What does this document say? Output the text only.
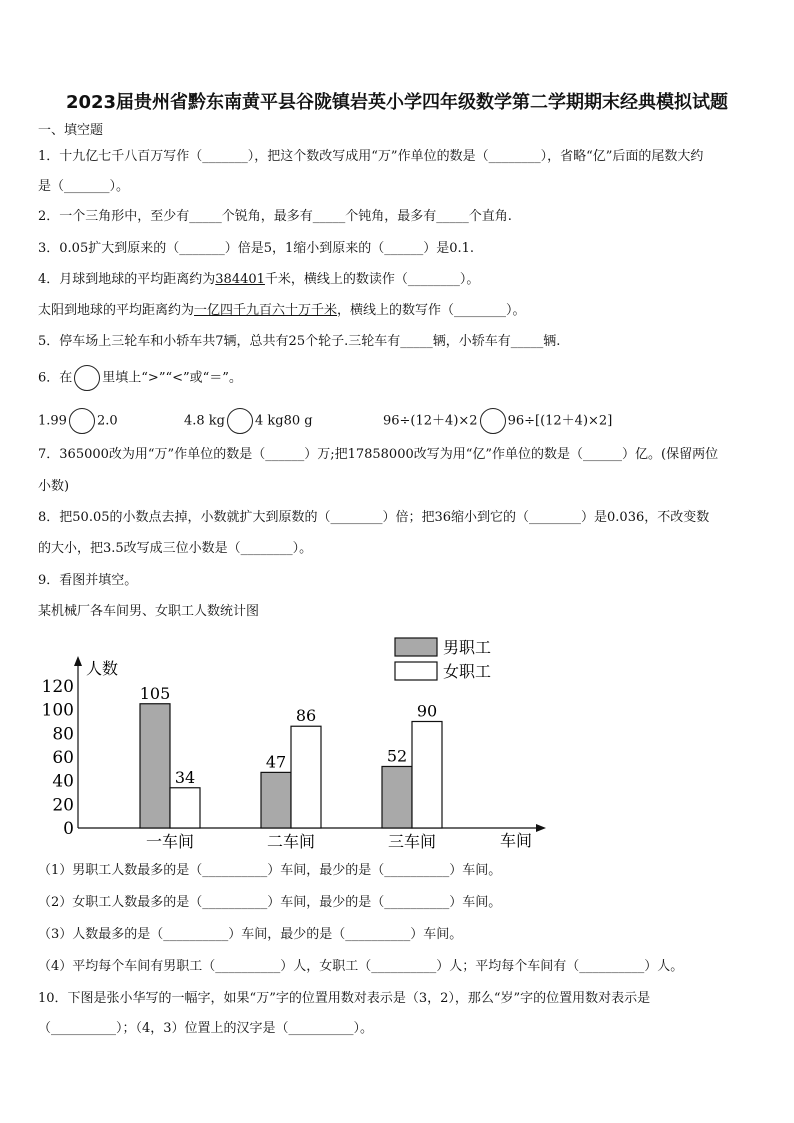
2023届贵州省黔东南黄平县谷陇镇岩英小学四年级数学第二学期期末经典模拟试题
一、填空题
1．十九亿七千八百万写作（_______），把这个数改写成用“万”作单位的数是（________），省略“亿”后面的尾数大约
是（_______）。
2．一个三角形中，至少有_____个锐角，最多有_____个钝角，最多有_____个直角.
3．0.05扩大到原来的（_______）倍是5，1缩小到原来的（______）是0.1.
4．月球到地球的平均距离约为384401千米，横线上的数读作（________）。
太阳到地球的平均距离约为一亿四千九百六十万千米，横线上的数写作（________）。
5．停车场上三轮车和小轿车共7辆，总共有25个轮子.三轮车有_____辆，小轿车有_____辆.
6．在 里填上“>”“<”或“＝”。
1.99 2.0	4.8 kg 4 kg80 g	96÷(12＋4)×2 96÷[(12＋4)×2]
7．365000改为用“万”作单位的数是（______）万;把17858000改写为用“亿”作单位的数是（______）亿。(保留两位
小数)
8．把50.05的小数点去掉，小数就扩大到原数的（________）倍；把36缩小到它的（________）是0.036，不改变数
的大小，把3.5改写成三位小数是（________）。
9．看图并填空。
某机械厂各车间男、女职工人数统计图
人数
车间
0
20
40
60
80
100
120	105
34
一车间
47
86
二车间
52
90
三车间
男职工
女职工
（1）男职工人数最多的是（__________）车间，最少的是（__________）车间。
（2）女职工人数最多的是（__________）车间，最少的是（__________）车间。
（3）人数最多的是（__________）车间，最少的是（__________）车间。
（4）平均每个车间有男职工（__________）人，女职工（__________）人；平均每个车间有（__________）人。
10．下图是张小华写的一幅字，如果“万”字的位置用数对表示是（3，2），那么“岁”字的位置用数对表示是
（__________）；（4，3）位置上的汉字是（__________）。
